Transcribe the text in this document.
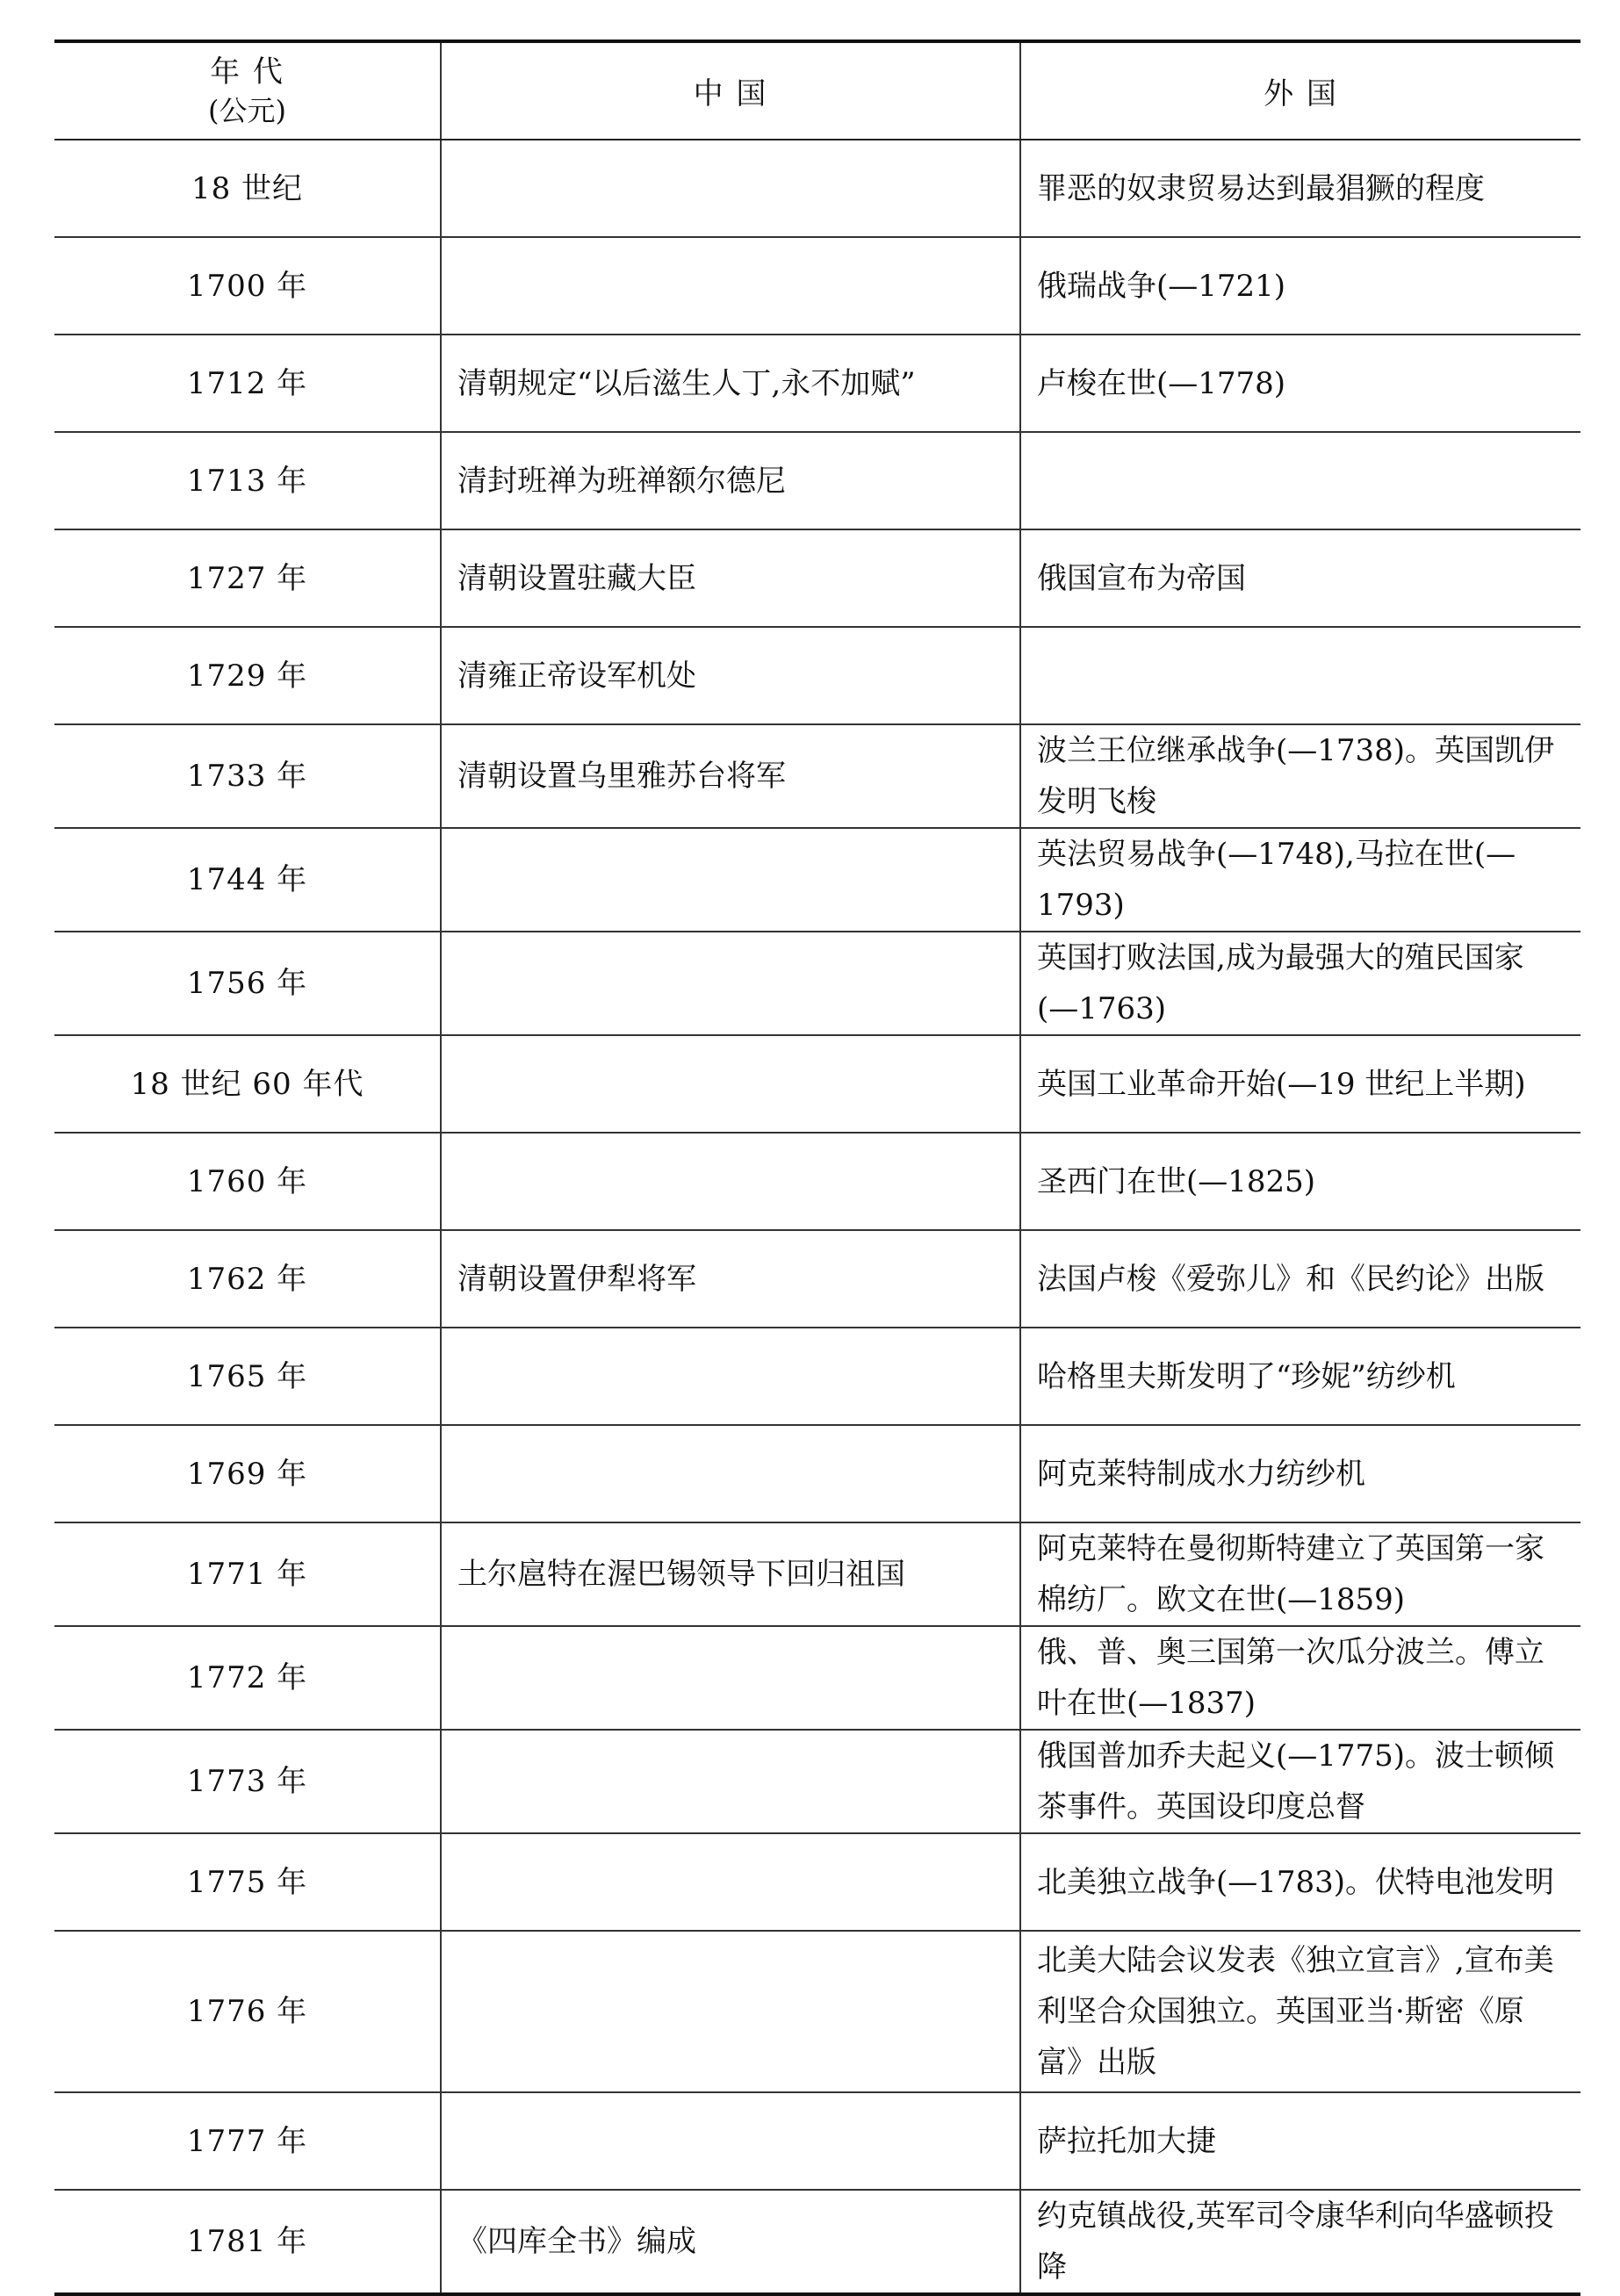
年 代
(公元)	中 国	外 国
18 世纪		罪恶的奴隶贸易达到最猖獗的程度
1700 年		俄瑞战争(—1721)
1712 年	清朝规定“以后滋生人丁,永不加赋”	卢梭在世(—1778)
1713 年	清封班禅为班禅额尔德尼	
1727 年	清朝设置驻藏大臣	俄国宣布为帝国
1729 年	清雍正帝设军机处	
1733 年	清朝设置乌里雅苏台将军	波兰王位继承战争(—1738)。英国凯伊发明飞梭
1744 年		英法贸易战争(—1748),马拉在世(—1793)
1756 年		英国打败法国,成为最强大的殖民国家(—1763)
18 世纪 60 年代		英国工业革命开始(—19 世纪上半期)
1760 年		圣西门在世(—1825)
1762 年	清朝设置伊犁将军	法国卢梭《爱弥儿》和《民约论》出版
1765 年		哈格里夫斯发明了“珍妮”纺纱机
1769 年		阿克莱特制成水力纺纱机
1771 年	土尔扈特在渥巴锡领导下回归祖国	阿克莱特在曼彻斯特建立了英国第一家棉纺厂。欧文在世(—1859)
1772 年		俄、普、奥三国第一次瓜分波兰。傅立叶在世(—1837)
1773 年		俄国普加乔夫起义(—1775)。波士顿倾茶事件。英国设印度总督
1775 年		北美独立战争(—1783)。伏特电池发明
1776 年		北美大陆会议发表《独立宣言》,宣布美利坚合众国独立。英国亚当·斯密《原富》出版
1777 年		萨拉托加大捷
1781 年	《四库全书》编成	约克镇战役,英军司令康华利向华盛顿投降
